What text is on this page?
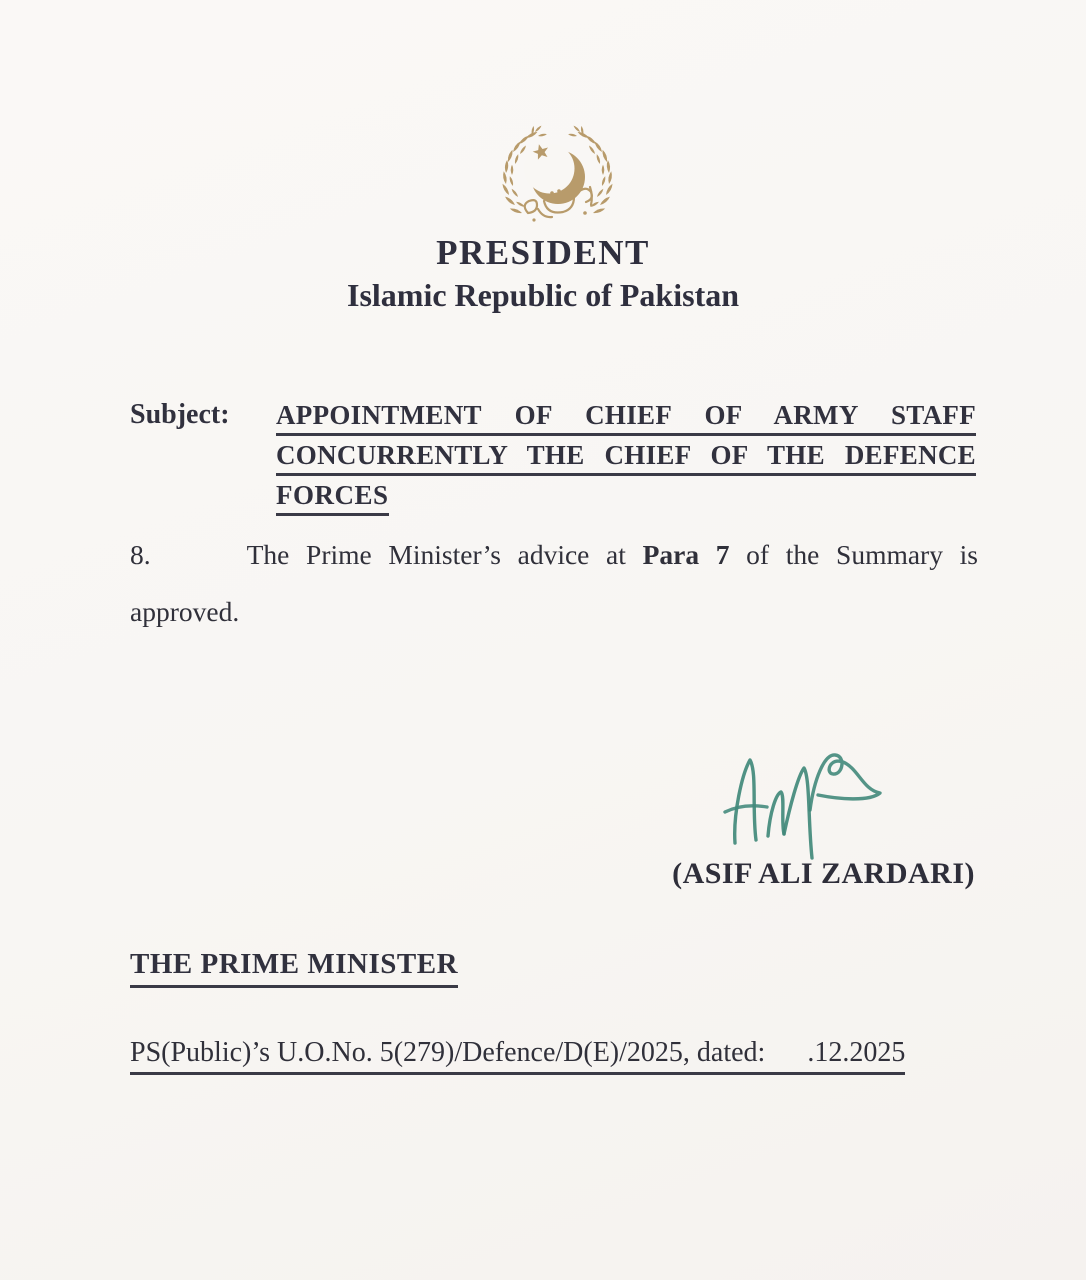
PRESIDENT
Islamic Republic of Pakistan
Subject: APPOINTMENT OF CHIEF OF ARMY STAFF
CONCURRENTLY THE CHIEF OF THE DEFENCE
FORCES
8.	The Prime Minister’s advice at Para 7 of the Summary is
approved.
(ASIF ALI ZARDARI)
THE PRIME MINISTER
PS(Public)’s U.O.No. 5(279)/Defence/D(E)/2025, dated:      .12.2025
